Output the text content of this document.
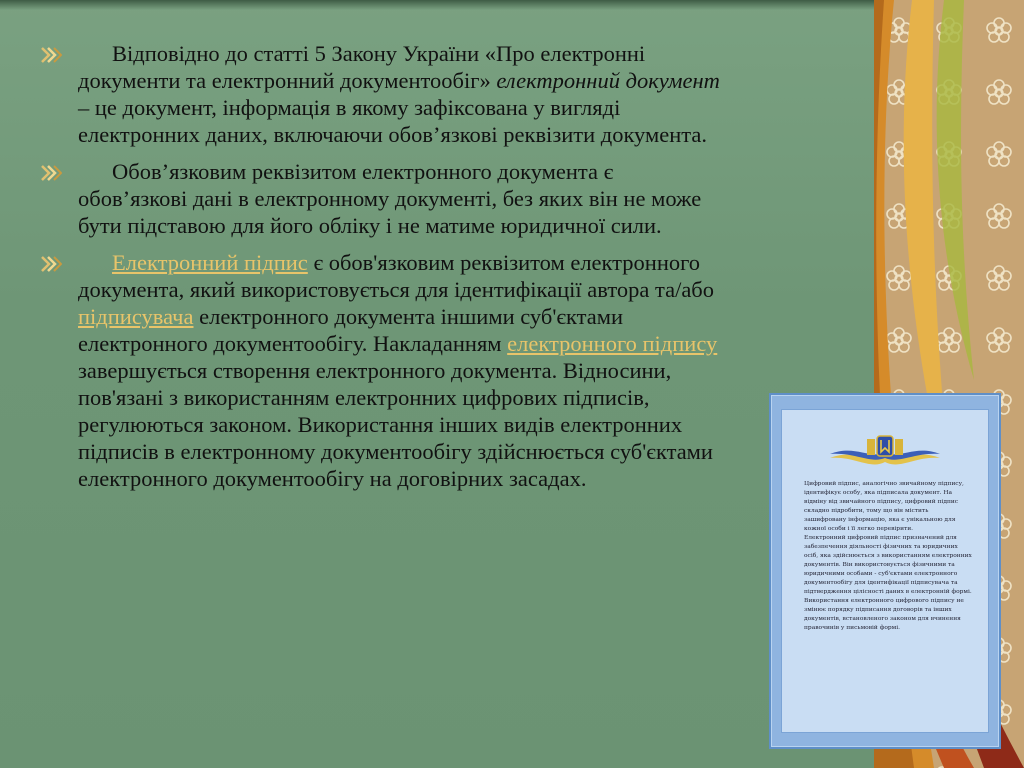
Відповідно до статті 5 Закону України «Про електронні документи та електронний документообіг» електронний документ – це документ, інформація в якому зафіксована у вигляді електронних даних, включаючи обов’язкові реквізити документа.
Обов’язковим реквізитом електронного документа є обов’язкові дані в електронному документі, без яких він не може бути підставою для його обліку і не матиме юридичної сили.
Електронний підпис є обов'язковим реквізитом електронного документа, який використовується для ідентифікації автора та/або підписувача електронного документа іншими суб'єктами електронного документообігу. Накладанням електронного підпису завершується створення електронного документа. Відносини, пов'язані з використанням електронних цифрових підписів, регулюються законом. Використання інших видів електронних підписів в електронному документообігу здійснюється суб'єктами електронного документообігу на договірних засадах.	Цифровий підпис, аналогічно звичайному підпису, ідентифікує особу, яка підписала документ. На відміну від звичайного підпису, цифровий підпис складно підробити, тому що він містить зашифровану інформацію, яка є унікальною для кожної особи і її легко перевірити.

Електронний цифровий підпис призначений для забезпечення діяльності фізичних та юридичних осіб, яка здійснюється з використанням електронних документів. Він використовується фізичними та юридичними особами - суб'єктами електронного документообігу для ідентифікації підписувача та підтвердження цілісності даних в електронній формі.

Використання електронного цифрового підпису не змінює порядку підписання договорів та інших документів, встановленого законом для вчинення правочинів у письмовій формі.
